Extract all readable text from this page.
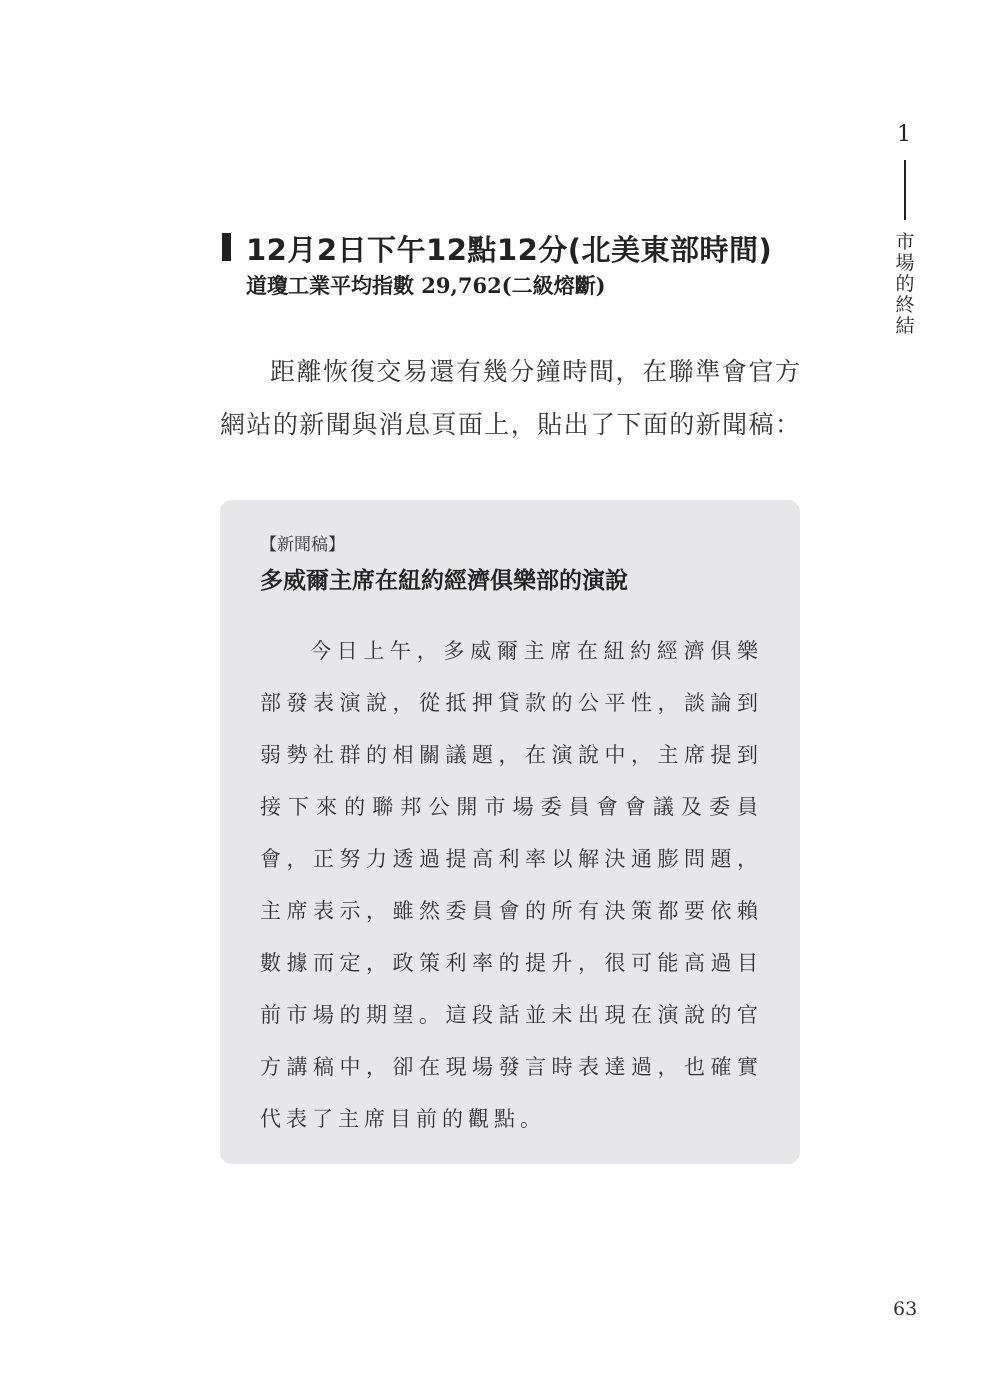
12月2日下午12點12分(北美東部時間)
道瓊工業平均指數 29,762(二級熔斷)
距離恢復交易還有幾分鐘時間，在聯準會官方
網站的新聞與消息頁面上，貼出了下面的新聞稿：
【新聞稿】
多威爾主席在紐約經濟俱樂部的演說
今日上午，多威爾主席在紐約經濟俱樂
部發表演說，從抵押貸款的公平性，談論到
弱勢社群的相關議題，在演說中，主席提到
接下來的聯邦公開市場委員會會議及委員
會，正努力透過提高利率以解決通膨問題，
主席表示，雖然委員會的所有決策都要依賴
數據而定，政策利率的提升，很可能高過目
前市場的期望。這段話並未出現在演說的官
方講稿中，卻在現場發言時表達過，也確實
代表了主席目前的觀點。
1
市場的終結
63
